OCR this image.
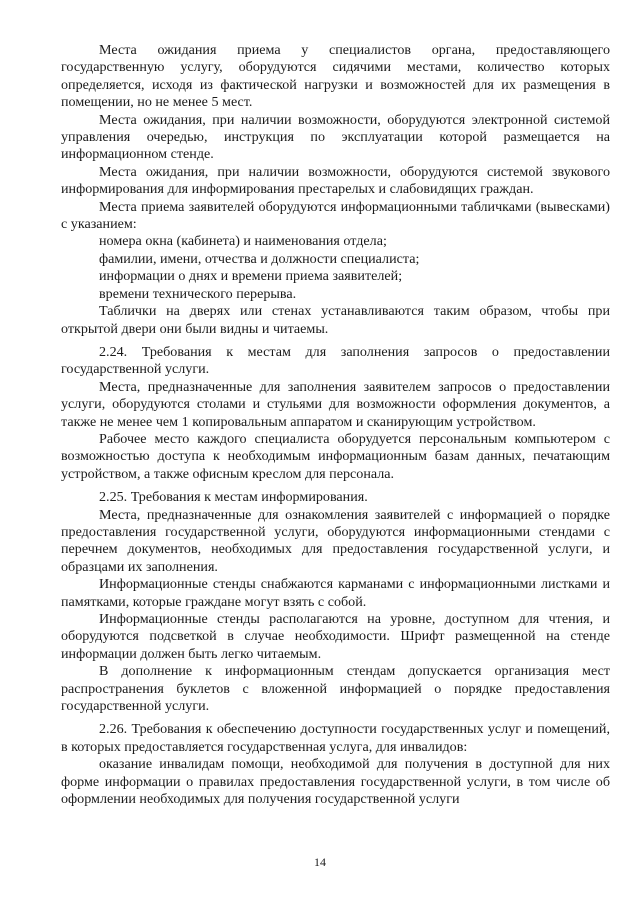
Места ожидания приема у специалистов органа, предоставляющего государственную услугу, оборудуются сидячими местами, количество которых определяется, исходя из фактической нагрузки и возможностей для их размещения в помещении, но не менее 5 мест.

Места ожидания, при наличии возможности, оборудуются электронной системой управления очередью, инструкция по эксплуатации которой размещается на информационном стенде.

Места ожидания, при наличии возможности, оборудуются системой звукового информирования для информирования престарелых и слабовидящих граждан.

Места приема заявителей оборудуются информационными табличками (вывесками) с указанием:

номера окна (кабинета) и наименования отдела;

фамилии, имени, отчества и должности специалиста;

информации о днях и времени приема заявителей;

времени технического перерыва.

Таблички на дверях или стенах устанавливаются таким образом, чтобы при открытой двери они были видны и читаемы.

2.24. Требования к местам для заполнения запросов о предоставлении государственной услуги.

Места, предназначенные для заполнения заявителем запросов о предоставлении услуги, оборудуются столами и стульями для возможности оформления документов, а также не менее чем 1 копировальным аппаратом и сканирующим устройством.

Рабочее место каждого специалиста оборудуется персональным компьютером с возможностью доступа к необходимым информационным базам данных, печатающим устройством, а также офисным креслом для персонала.

2.25. Требования к местам информирования.

Места, предназначенные для ознакомления заявителей с информацией о порядке предоставления государственной услуги, оборудуются информационными стендами с перечнем документов, необходимых для предоставления государственной услуги, и образцами их заполнения.

Информационные стенды снабжаются карманами с информационными листками и памятками, которые граждане могут взять с собой.

Информационные стенды располагаются на уровне, доступном для чтения, и оборудуются подсветкой в случае необходимости. Шрифт размещенной на стенде информации должен быть легко читаемым.

В дополнение к информационным стендам допускается организация мест распространения буклетов с вложенной информацией о порядке предоставления государственной услуги.

2.26. Требования к обеспечению доступности государственных услуг и помещений, в которых предоставляется государственная услуга, для инвалидов:

оказание инвалидам помощи, необходимой для получения в доступной для них форме информации о правилах предоставления государственной услуги, в том числе об оформлении необходимых для получения государственной услуги

14
